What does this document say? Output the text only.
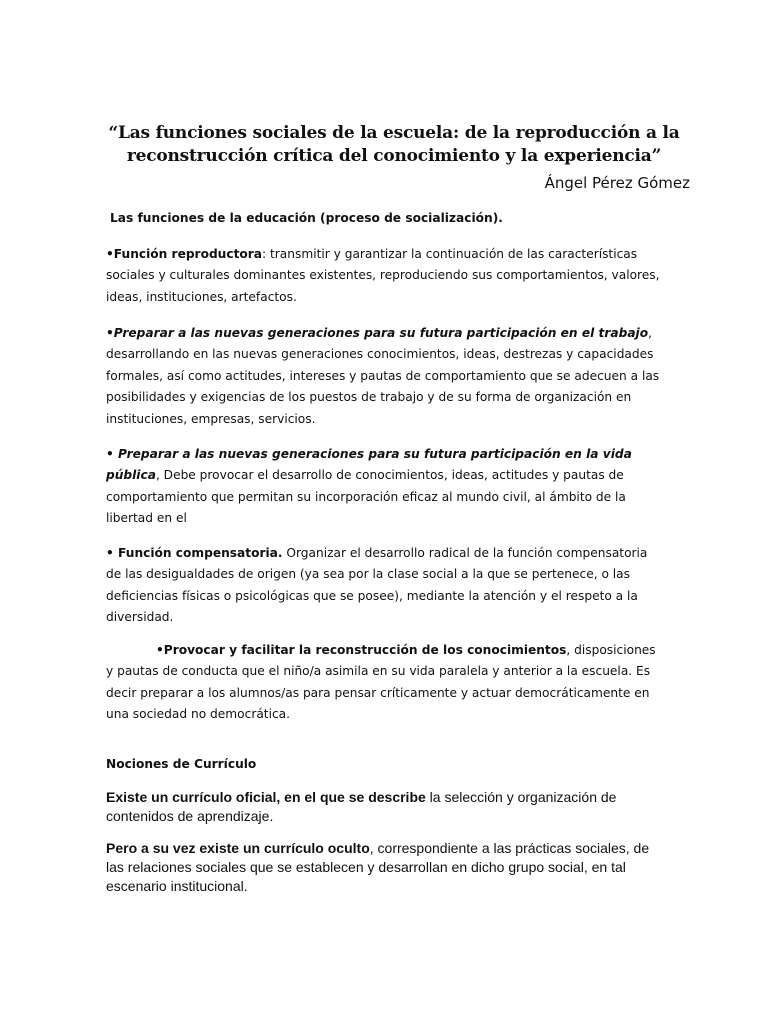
“Las funciones sociales de la escuela: de la reproducción a la
reconstrucción crítica del conocimiento y la experiencia”

Ángel Pérez Gómez

Las funciones de la educación (proceso de socialización).

•Función reproductora: transmitir y garantizar la continuación de las características sociales y culturales dominantes existentes, reproduciendo sus comportamientos, valores, ideas, instituciones, artefactos.

•Preparar a las nuevas generaciones para su futura participación en el trabajo, desarrollando en las nuevas generaciones conocimientos, ideas, destrezas y capacidades formales, así como actitudes, intereses y pautas de comportamiento que se adecuen a las posibilidades y exigencias de los puestos de trabajo y de su forma de organización en instituciones, empresas, servicios.

• Preparar a las nuevas generaciones para su futura participación en la vida pública, Debe provocar el desarrollo de conocimientos, ideas, actitudes y pautas de comportamiento que permitan su incorporación eficaz al mundo civil, al ámbito de la libertad en el

• Función compensatoria. Organizar el desarrollo radical de la función compensatoria de las desigualdades de origen (ya sea por la clase social a la que se pertenece, o las deficiencias físicas o psicológicas que se posee), mediante la atención y el respeto a la diversidad.

•Provocar y facilitar la reconstrucción de los conocimientos, disposiciones y pautas de conducta que el niño/a asimila en su vida paralela y anterior a la escuela. Es decir preparar a los alumnos/as para pensar críticamente y actuar democráticamente en una sociedad no democrática.

Nociones de Currículo

Existe un currículo oficial, en el que se describe la selección y organización de contenidos de aprendizaje.

Pero a su vez existe un currículo oculto, correspondiente a las prácticas sociales, de las relaciones sociales que se establecen y desarrollan en dicho grupo social, en tal escenario institucional.
